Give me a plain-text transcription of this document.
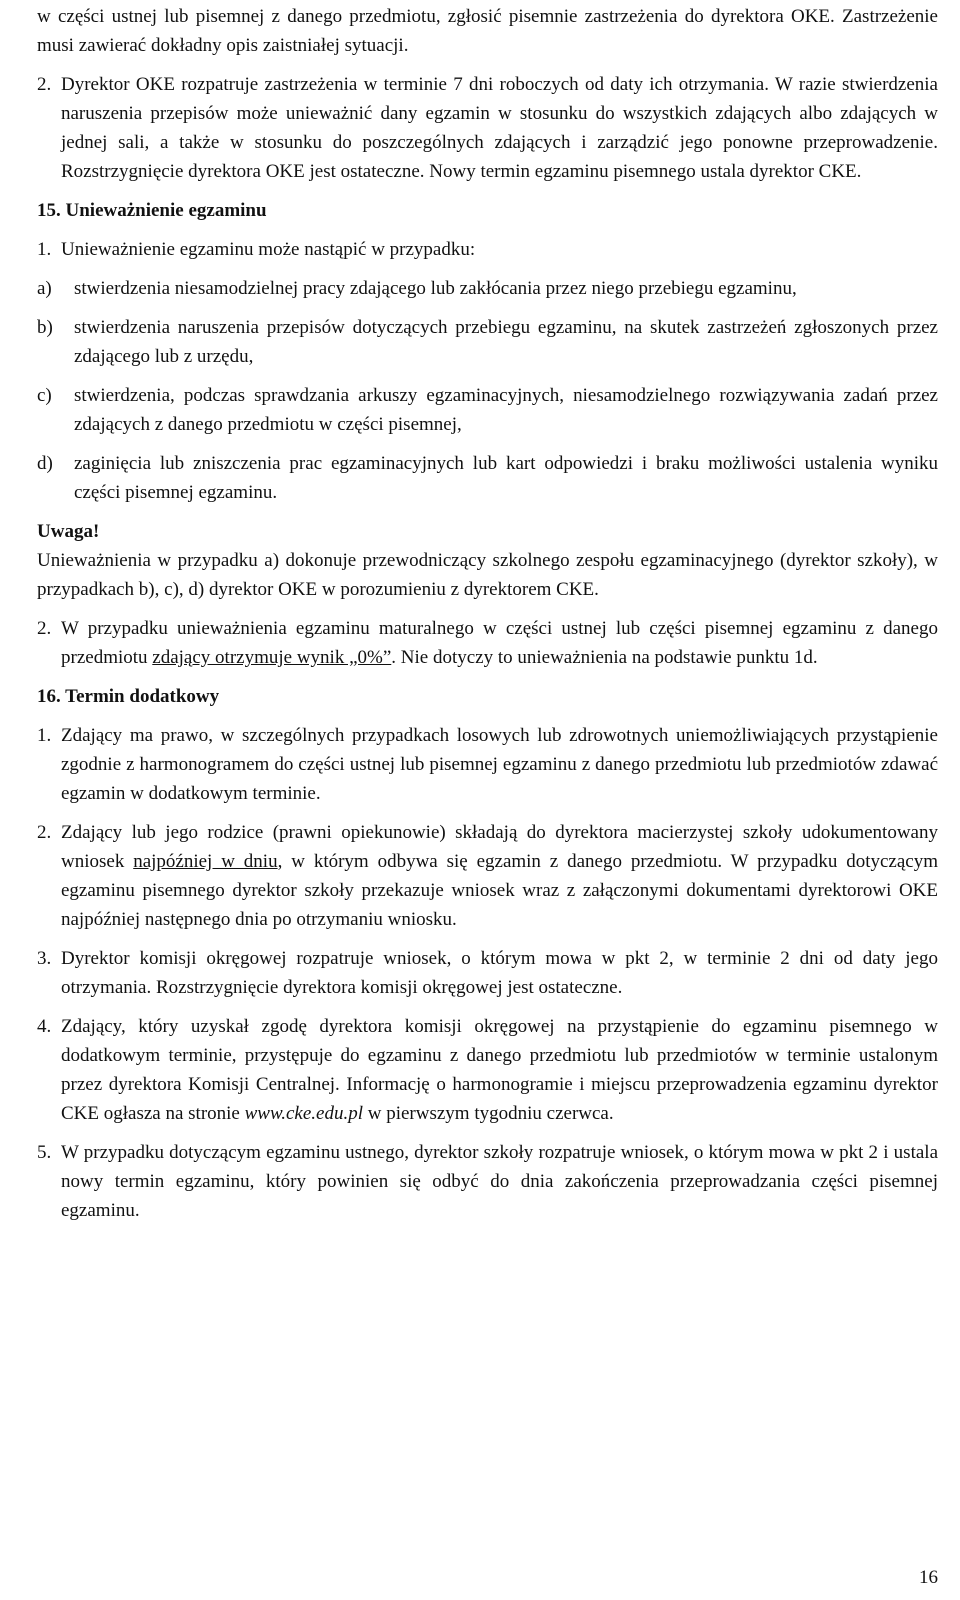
w części ustnej lub pisemnej z danego przedmiotu, zgłosić pisemnie zastrzeżenia do dyrektora OKE. Zastrzeżenie musi zawierać dokładny opis zaistniałej sytuacji.

2. Dyrektor OKE rozpatruje zastrzeżenia w terminie 7 dni roboczych od daty ich otrzymania. W razie stwierdzenia naruszenia przepisów może unieważnić dany egzamin w stosunku do wszystkich zdających albo zdających w jednej sali, a także w stosunku do poszczególnych zdających i zarządzić jego ponowne przeprowadzenie. Rozstrzygnięcie dyrektora OKE jest ostateczne. Nowy termin egzaminu pisemnego ustala dyrektor CKE.
15. Unieważnienie egzaminu
1. Unieważnienie egzaminu może nastąpić w przypadku:
a)	stwierdzenia niesamodzielnej pracy zdającego lub zakłócania przez niego przebiegu egzaminu,
b)	stwierdzenia naruszenia przepisów dotyczących przebiegu egzaminu, na skutek zastrzeżeń zgłoszonych przez zdającego lub z urzędu,
c)	stwierdzenia, podczas sprawdzania arkuszy egzaminacyjnych, niesamodzielnego rozwiązywania zadań przez zdających z danego przedmiotu w części pisemnej,
d)	zaginięcia lub zniszczenia prac egzaminacyjnych lub kart odpowiedzi i braku możliwości ustalenia wyniku części pisemnej egzaminu.
Uwaga!

Unieważnienia w przypadku a) dokonuje przewodniczący szkolnego zespołu egzaminacyjnego (dyrektor szkoły), w przypadkach b), c), d) dyrektor OKE w porozumieniu z dyrektorem CKE.

2. W przypadku unieważnienia egzaminu maturalnego w części ustnej lub części pisemnej egzaminu z danego przedmiotu zdający otrzymuje wynik „0%”. Nie dotyczy to unieważnienia na podstawie punktu 1d.
16. Termin dodatkowy
1. Zdający ma prawo, w szczególnych przypadkach losowych lub zdrowotnych uniemożliwiających przystąpienie zgodnie z harmonogramem do części ustnej lub pisemnej egzaminu z danego przedmiotu lub przedmiotów zdawać egzamin w dodatkowym terminie.
2. Zdający lub jego rodzice (prawni opiekunowie) składają do dyrektora macierzystej szkoły udokumentowany wniosek najpóźniej w dniu, w którym odbywa się egzamin z danego przedmiotu. W przypadku dotyczącym egzaminu pisemnego dyrektor szkoły przekazuje wniosek wraz z załączonymi dokumentami dyrektorowi OKE najpóźniej następnego dnia po otrzymaniu wniosku.
3. Dyrektor komisji okręgowej rozpatruje wniosek, o którym mowa w pkt 2, w terminie 2 dni od daty jego otrzymania. Rozstrzygnięcie dyrektora komisji okręgowej jest ostateczne.
4. Zdający, który uzyskał zgodę dyrektora komisji okręgowej na przystąpienie do egzaminu pisemnego w dodatkowym terminie, przystępuje do egzaminu z danego przedmiotu lub przedmiotów w terminie ustalonym przez dyrektora Komisji Centralnej. Informację o harmonogramie i miejscu przeprowadzenia egzaminu dyrektor CKE ogłasza na stronie www.cke.edu.pl w pierwszym tygodniu czerwca.
5. W przypadku dotyczącym egzaminu ustnego, dyrektor szkoły rozpatruje wniosek, o którym mowa w pkt 2 i ustala nowy termin egzaminu, który powinien się odbyć do dnia zakończenia przeprowadzania części pisemnej egzaminu.
16
